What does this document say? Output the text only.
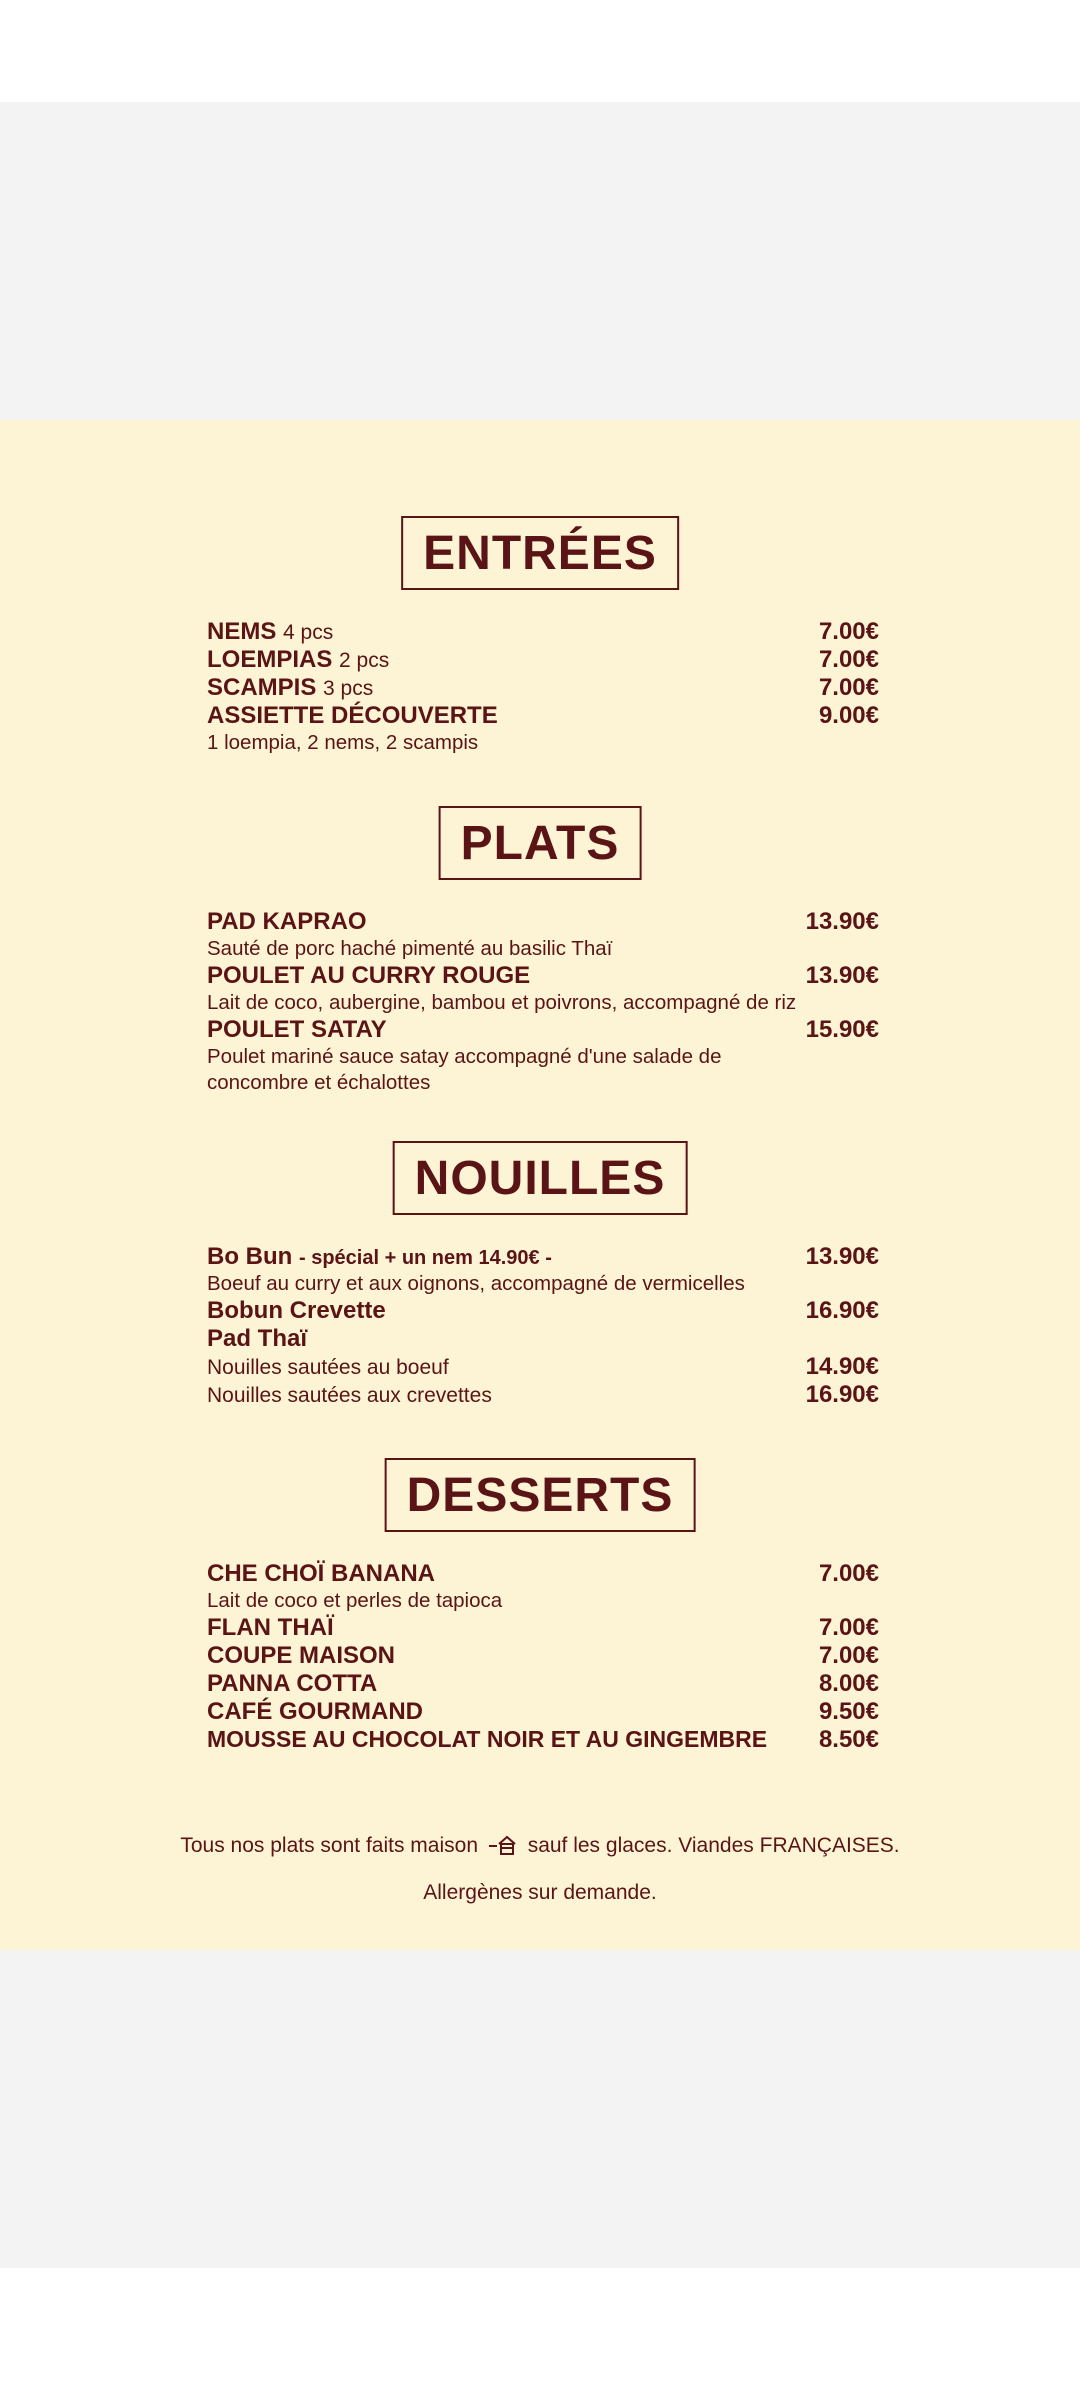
ENTRÉES
NEMS 4 pcs	7.00€
LOEMPIAS 2 pcs	7.00€
SCAMPIS 3 pcs	7.00€
ASSIETTE DÉCOUVERTE	9.00€
1 loempia, 2 nems, 2 scampis
PLATS
PAD KAPRAO	13.90€
Sauté de porc haché pimenté au basilic Thaï
POULET AU CURRY ROUGE	13.90€
Lait de coco, aubergine, bambou et poivrons, accompagné de riz
POULET SATAY	15.90€
Poulet mariné sauce satay accompagné d'une salade de concombre et échalottes
NOUILLES
Bo Bun - spécial + un nem 14.90€ -	13.90€
Boeuf au curry et aux oignons, accompagné de vermicelles
Bobun Crevette	16.90€
Pad Thaï
Nouilles sautées au boeuf	14.90€
Nouilles sautées aux crevettes	16.90€
DESSERTS
CHE CHOÏ BANANA	7.00€
Lait de coco et perles de tapioca
FLAN THAÏ	7.00€
COUPE MAISON	7.00€
PANNA COTTA	8.00€
CAFÉ GOURMAND	9.50€
MOUSSE AU CHOCOLAT NOIR ET AU GINGEMBRE 8.50€
Tous nos plats sont faits maison sauf les glaces. Viandes FRANÇAISES.
Allergènes sur demande.
